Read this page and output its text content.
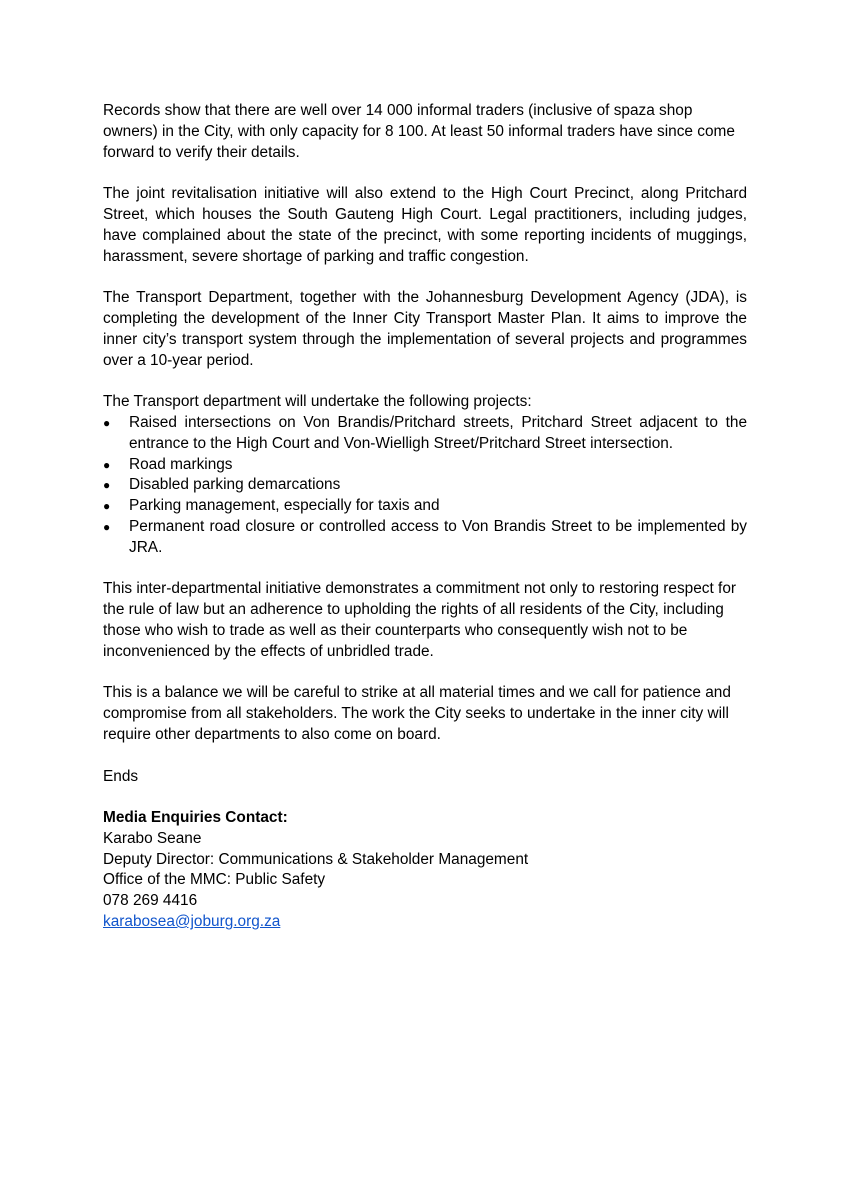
Records show that there are well over 14 000 informal traders (inclusive of spaza shop owners) in the City, with only capacity for 8 100. At least 50 informal traders have since come forward to verify their details.

The joint revitalisation initiative will also extend to the High Court Precinct, along Pritchard Street, which houses the South Gauteng High Court. Legal practitioners, including judges, have complained about the state of the precinct, with some reporting incidents of muggings, harassment, severe shortage of parking and traffic congestion.

The Transport Department, together with the Johannesburg Development Agency (JDA), is completing the development of the Inner City Transport Master Plan. It aims to improve the inner city’s transport system through the implementation of several projects and programmes over a 10-year period.

The Transport department will undertake the following projects:

●	Raised intersections on Von Brandis/Pritchard streets, Pritchard Street adjacent to the entrance to the High Court and Von-Wielligh Street/Pritchard Street intersection.
●	Road markings
●	Disabled parking demarcations
●	Parking management, especially for taxis and
●	Permanent road closure or controlled access to Von Brandis Street to be implemented by JRA.

This inter-departmental initiative demonstrates a commitment not only to restoring respect for the rule of law but an adherence to upholding the rights of all residents of the City, including those who wish to trade as well as their counterparts who consequently wish not to be inconvenienced by the effects of unbridled trade.

This is a balance we will be careful to strike at all material times and we call for patience and compromise from all stakeholders. The work the City seeks to undertake in the inner city will require other departments to also come on board.

Ends

Media Enquiries Contact:
Karabo Seane
Deputy Director: Communications & Stakeholder Management
Office of the MMC: Public Safety
078 269 4416
karabosea@joburg.org.za
